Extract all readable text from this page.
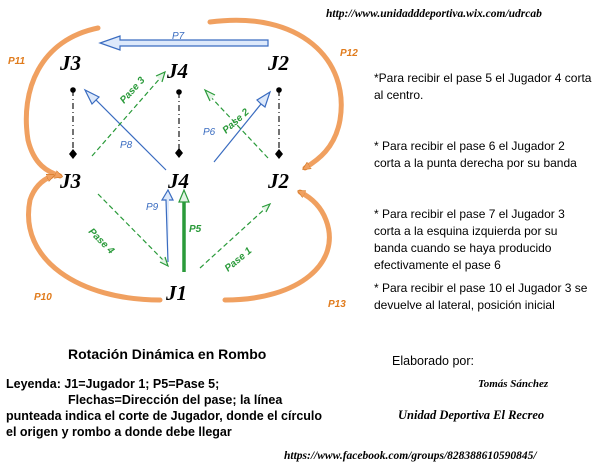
J3	J4	J2
J3	J4	J2
J1
P7
P6
P8
P9
P5
Pase 1
Pase 2
Pase 3
Pase 4
P11
P12
P10
P13
http://www.unidadddeportiva.wix.com/udrcab
*Para recibir el pase 5 el Jugador 4 corta al centro.
* Para recibir el pase 6 el Jugador 2 corta a la punta derecha por su banda
* Para recibir el pase 7 el Jugador 3 corta a la esquina izquierda por su banda cuando se haya producido efectivamente el pase 6
* Para recibir el pase 10 el Jugador 3 se devuelve al lateral, posición inicial
Rotación Dinámica en Rombo
Leyenda: J1=Jugador 1; P5=Pase 5;
Flechas=Dirección del pase; la línea punteada indica el corte de Jugador, donde el círculo el origen y rombo a donde debe llegar
Elaborado por:
Tomás Sánchez
Unidad Deportiva El Recreo
https://www.facebook.com/groups/828388610590845/
